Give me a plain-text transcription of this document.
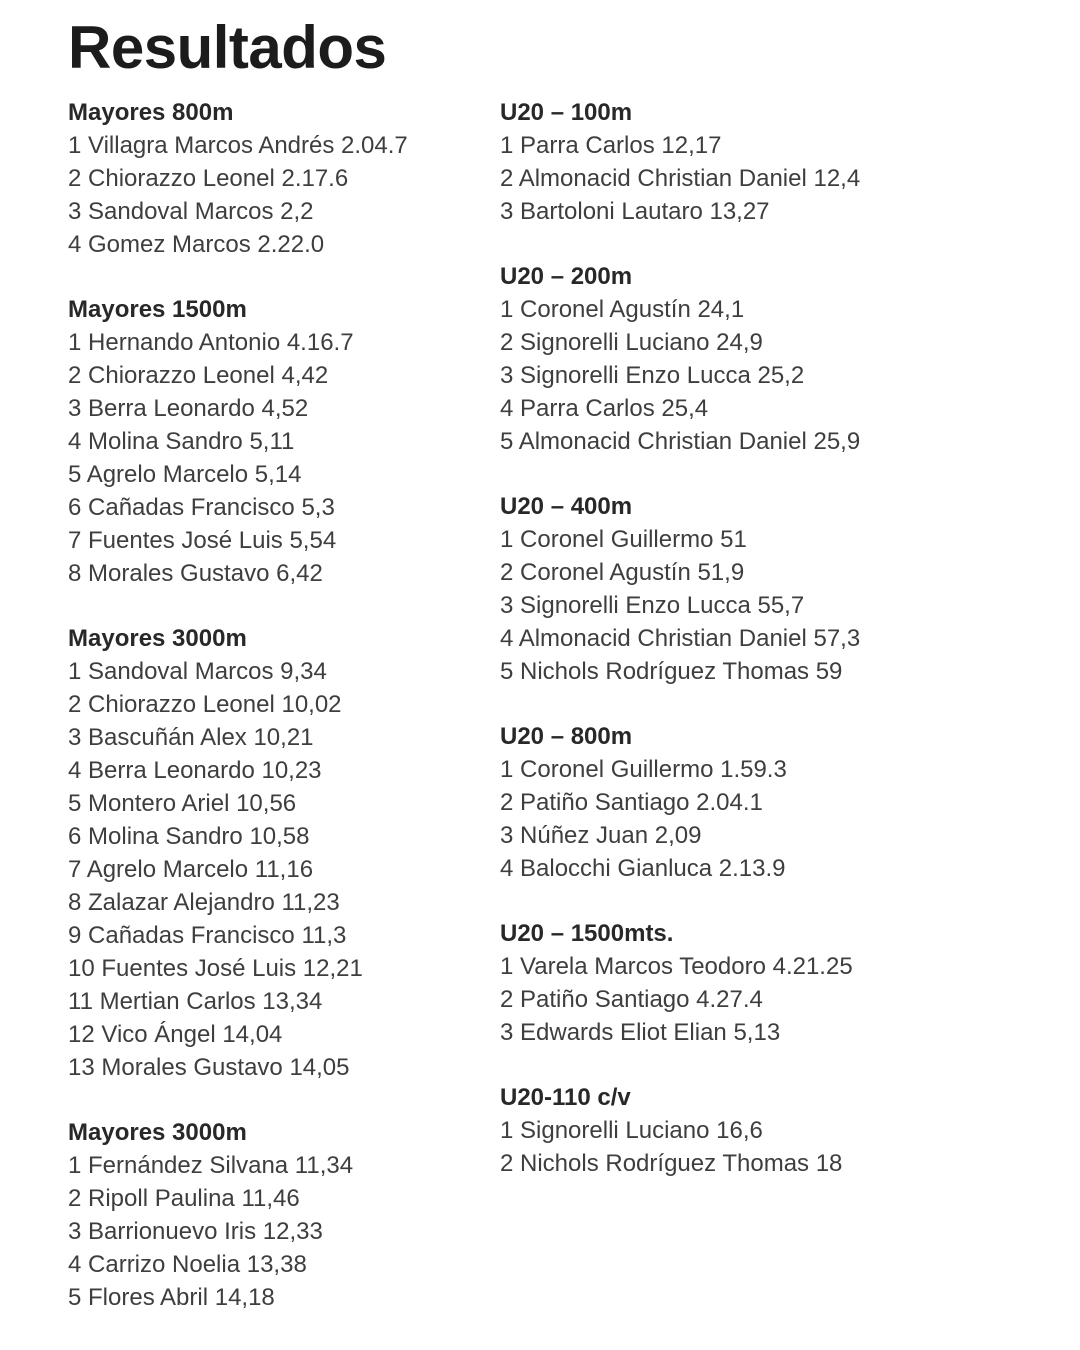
Resultados
Mayores 800m

1 Villagra Marcos Andrés 2.04.7

2 Chiorazzo Leonel 2.17.6

3 Sandoval Marcos 2,2

4 Gomez Marcos 2.22.0

Mayores 1500m

1 Hernando Antonio 4.16.7

2 Chiorazzo Leonel 4,42

3 Berra Leonardo 4,52

4 Molina Sandro 5,11

5 Agrelo Marcelo 5,14

6 Cañadas Francisco 5,3

7 Fuentes José Luis 5,54

8 Morales Gustavo 6,42

Mayores 3000m

1 Sandoval Marcos 9,34

2 Chiorazzo Leonel 10,02

3 Bascuñán Alex 10,21

4 Berra Leonardo 10,23

5 Montero Ariel 10,56

6 Molina Sandro 10,58

7 Agrelo Marcelo 11,16

8 Zalazar Alejandro 11,23

9 Cañadas Francisco 11,3

10 Fuentes José Luis 12,21

11 Mertian Carlos 13,34

12 Vico Ángel 14,04

13 Morales Gustavo 14,05

Mayores 3000m

1 Fernández Silvana 11,34

2 Ripoll Paulina 11,46

3 Barrionuevo Iris 12,33

4 Carrizo Noelia 13,38

5 Flores Abril 14,18

U20 – 100m

1 Parra Carlos 12,17

2 Almonacid Christian Daniel 12,4

3 Bartoloni Lautaro 13,27

U20 – 200m

1 Coronel Agustín 24,1

2 Signorelli Luciano 24,9

3 Signorelli Enzo Lucca 25,2

4 Parra Carlos 25,4

5 Almonacid Christian Daniel 25,9

U20 – 400m

1 Coronel Guillermo 51

2 Coronel Agustín 51,9

3 Signorelli Enzo Lucca 55,7

4 Almonacid Christian Daniel 57,3

5 Nichols Rodríguez Thomas 59

U20 – 800m

1 Coronel Guillermo 1.59.3

2 Patiño Santiago 2.04.1

3 Núñez Juan 2,09

4 Balocchi Gianluca 2.13.9

U20 – 1500mts.

1 Varela Marcos Teodoro 4.21.25

2 Patiño Santiago 4.27.4

3 Edwards Eliot Elian 5,13

U20-110 c/v

1 Signorelli Luciano 16,6

2 Nichols Rodríguez Thomas 18
